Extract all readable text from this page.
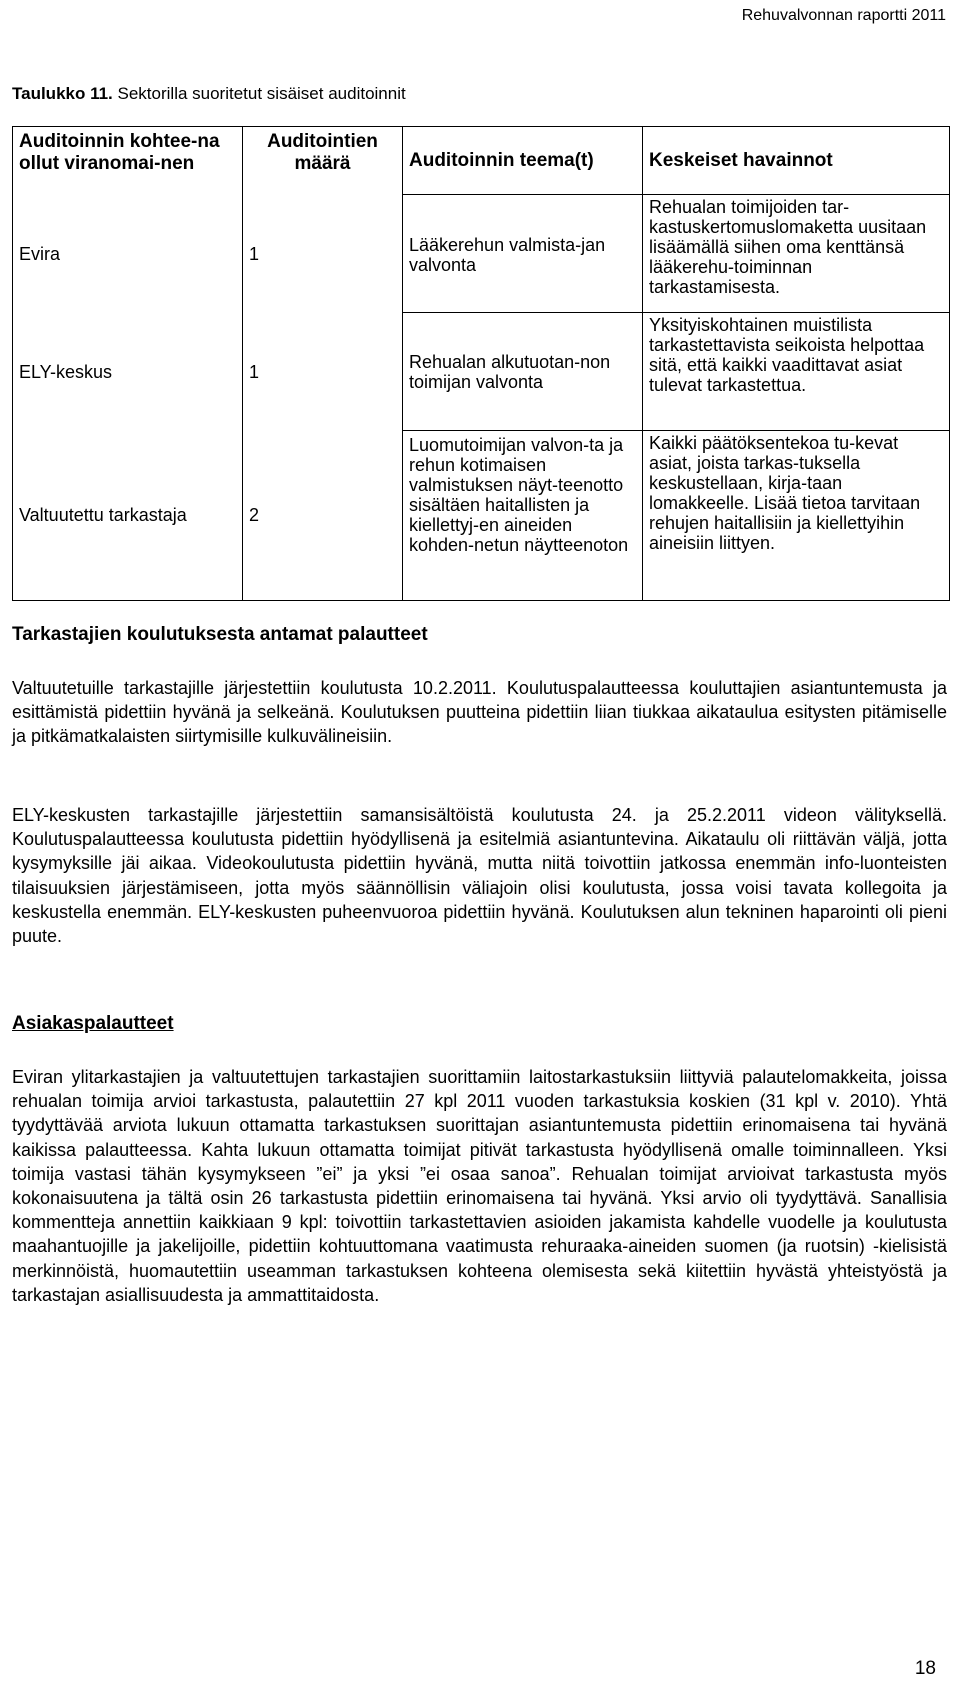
Rehuvalvonnan raportti 2011
Taulukko 11. Sektorilla suoritetut sisäiset auditoinnit
Auditoinnin kohtee-na ollut viranomai-nen	Auditointien määrä	Auditoinnin teema(t)	Keskeiset havainnot
Evira	1	Lääkerehun valmista-jan valvonta	Rehualan toimijoiden tar-kastuskertomuslomaketta uusitaan lisäämällä siihen oma kenttänsä lääkerehu-toiminnan tarkastamisesta.
ELY-keskus	1	Rehualan alkutuotan-non toimijan valvonta	Yksityiskohtainen muistilista tarkastettavista seikoista helpottaa sitä, että kaikki vaadittavat asiat tulevat tarkastettua.
Valtuutettu tarkastaja	2	Luomutoimijan valvon-ta ja rehun kotimaisen valmistuksen näyt-teenotto sisältäen haitallisten ja kiellettyj-en aineiden kohden-netun näytteenoton	Kaikki päätöksentekoa tu-kevat asiat, joista tarkas-tuksella keskustellaan, kirja-taan lomakkeelle. Lisää tietoa tarvitaan rehujen haitallisiin ja kiellettyihin aineisiin liittyen.
Tarkastajien koulutuksesta antamat palautteet

Valtuutetuille tarkastajille järjestettiin koulutusta 10.2.2011. Koulutuspalautteessa kouluttajien asiantuntemusta ja esittämistä pidettiin hyvänä ja selkeänä. Koulutuksen puutteina pidettiin liian tiukkaa aikataulua esitysten pitämiselle ja pitkämatkalaisten siirtymisille kulkuvälineisiin.

ELY-keskusten tarkastajille järjestettiin samansisältöistä koulutusta 24. ja 25.2.2011 videon välityksellä. Koulutuspalautteessa koulutusta pidettiin hyödyllisenä ja esitelmiä asiantuntevina. Aikataulu oli riittävän väljä, jotta kysymyksille jäi aikaa. Videokoulutusta pidettiin hyvänä, mutta niitä toivottiin jatkossa enemmän info-luonteisten tilaisuuksien järjestämiseen, jotta myös säännöllisin väliajoin olisi koulutusta, jossa voisi tavata kollegoita ja keskustella enemmän. ELY-keskusten puheenvuoroa pidettiin hyvänä. Koulutuksen alun tekninen haparointi oli pieni puute.

Asiakaspalautteet

Eviran ylitarkastajien ja valtuutettujen tarkastajien suorittamiin laitostarkastuksiin liittyviä palautelomakkeita, joissa rehualan toimija arvioi tarkastusta, palautettiin 27 kpl 2011 vuoden tarkastuksia koskien (31 kpl v. 2010). Yhtä tyydyttävää arviota lukuun ottamatta tarkastuksen suorittajan asiantuntemusta pidettiin erinomaisena tai hyvänä kaikissa palautteessa. Kahta lukuun ottamatta toimijat pitivät tarkastusta hyödyllisenä omalle toiminnalleen. Yksi toimija vastasi tähän kysymykseen ”ei” ja yksi ”ei osaa sanoa”. Rehualan toimijat arvioivat tarkastusta myös kokonaisuutena ja tältä osin 26 tarkastusta pidettiin erinomaisena tai hyvänä. Yksi arvio oli tyydyttävä. Sanallisia kommentteja annettiin kaikkiaan 9 kpl: toivottiin tarkastettavien asioiden jakamista kahdelle vuodelle ja koulutusta maahantuojille ja jakelijoille, pidettiin kohtuuttomana vaatimusta rehuraaka-aineiden suomen (ja ruotsin) -kielisistä merkinnöistä, huomautettiin useamman tarkastuksen kohteena olemisesta sekä kiitettiin hyvästä yhteistyöstä ja tarkastajan asiallisuudesta ja ammattitaidosta.

18
